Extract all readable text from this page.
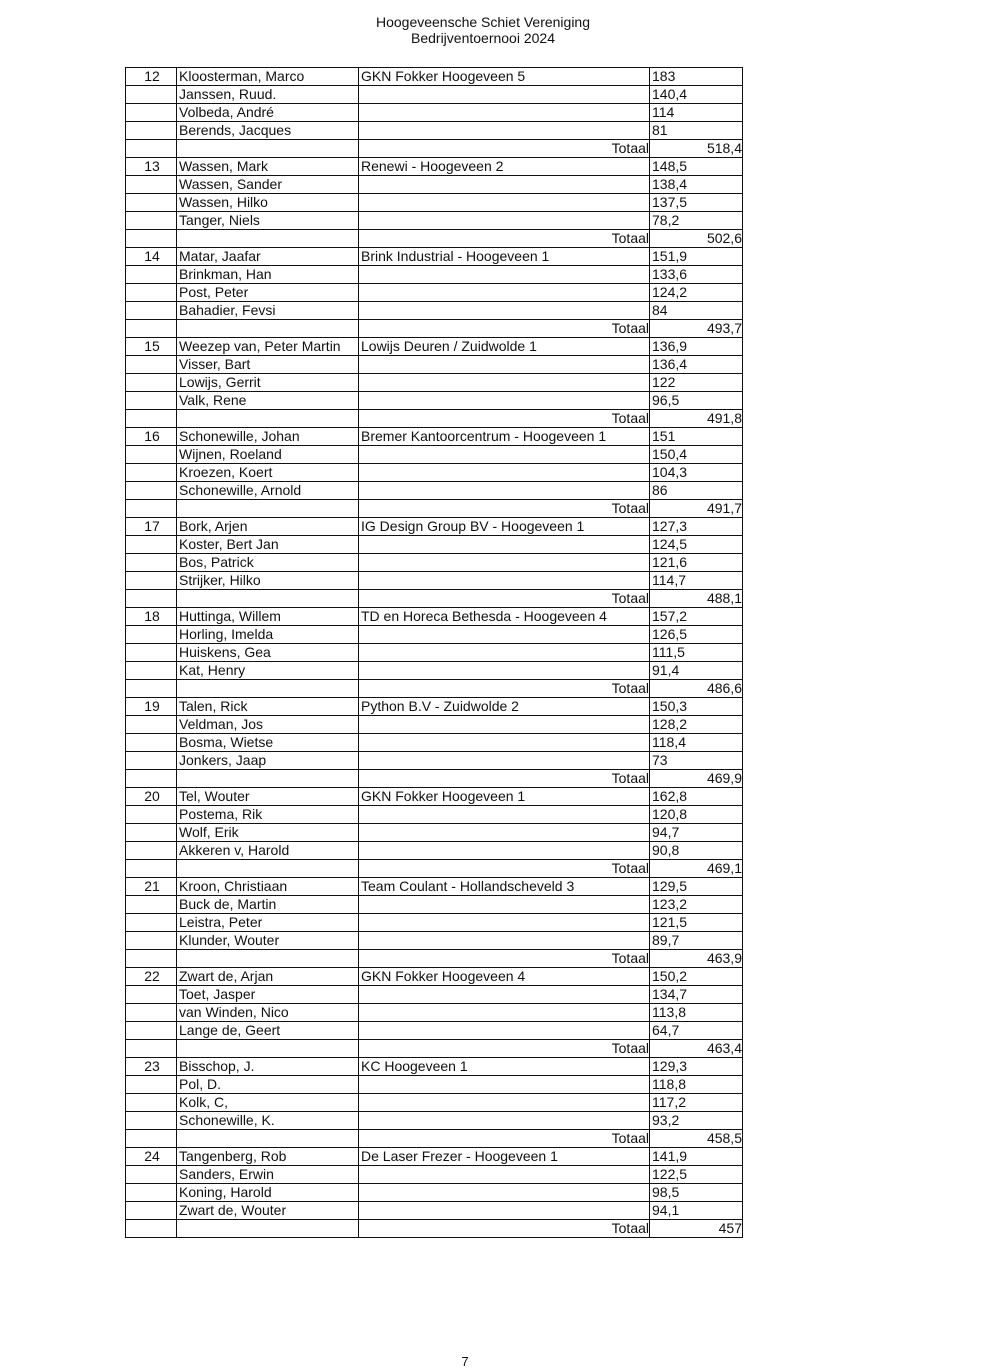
Hoogeveensche Schiet Vereniging
Bedrijventoernooi 2024
12	Kloosterman, Marco	GKN Fokker Hoogeveen 5	183
	Janssen, Ruud.		140,4
	Volbeda, André		114
	Berends, Jacques		81
		Totaal	518,4
13	Wassen, Mark	Renewi - Hoogeveen 2	148,5
	Wassen, Sander		138,4
	Wassen, Hilko		137,5
	Tanger, Niels		78,2
		Totaal	502,6
14	Matar, Jaafar	Brink Industrial - Hoogeveen 1	151,9
	Brinkman, Han		133,6
	Post, Peter		124,2
	Bahadier, Fevsi		84
		Totaal	493,7
15	Weezep van, Peter Martin	Lowijs Deuren / Zuidwolde 1	136,9
	Visser, Bart		136,4
	Lowijs, Gerrit		122
	Valk, Rene		96,5
		Totaal	491,8
16	Schonewille, Johan	Bremer Kantoorcentrum - Hoogeveen 1	151
	Wijnen, Roeland		150,4
	Kroezen, Koert		104,3
	Schonewille, Arnold		86
		Totaal	491,7
17	Bork, Arjen	IG Design Group BV - Hoogeveen 1	127,3
	Koster, Bert Jan		124,5
	Bos, Patrick		121,6
	Strijker, Hilko		114,7
		Totaal	488,1
18	Huttinga, Willem	TD en Horeca Bethesda - Hoogeveen 4	157,2
	Horling, Imelda		126,5
	Huiskens, Gea		111,5
	Kat, Henry		91,4
		Totaal	486,6
19	Talen, Rick	Python B.V - Zuidwolde 2	150,3
	Veldman, Jos		128,2
	Bosma, Wietse		118,4
	Jonkers, Jaap		73
		Totaal	469,9
20	Tel, Wouter	GKN Fokker Hoogeveen 1	162,8
	Postema, Rik		120,8
	Wolf, Erik		94,7
	Akkeren v, Harold		90,8
		Totaal	469,1
21	Kroon, Christiaan	Team Coulant - Hollandscheveld 3	129,5
	Buck de, Martin		123,2
	Leistra, Peter		121,5
	Klunder, Wouter		89,7
		Totaal	463,9
22	Zwart de, Arjan	GKN Fokker Hoogeveen 4	150,2
	Toet, Jasper		134,7
	van Winden, Nico		113,8
	Lange de, Geert		64,7
		Totaal	463,4
23	Bisschop, J.	KC Hoogeveen 1	129,3
	Pol, D.		118,8
	Kolk, C,		117,2
	Schonewille, K.		93,2
		Totaal	458,5
24	Tangenberg, Rob	De Laser Frezer - Hoogeveen 1	141,9
	Sanders, Erwin		122,5
	Koning, Harold		98,5
	Zwart de, Wouter		94,1
		Totaal	457
7
